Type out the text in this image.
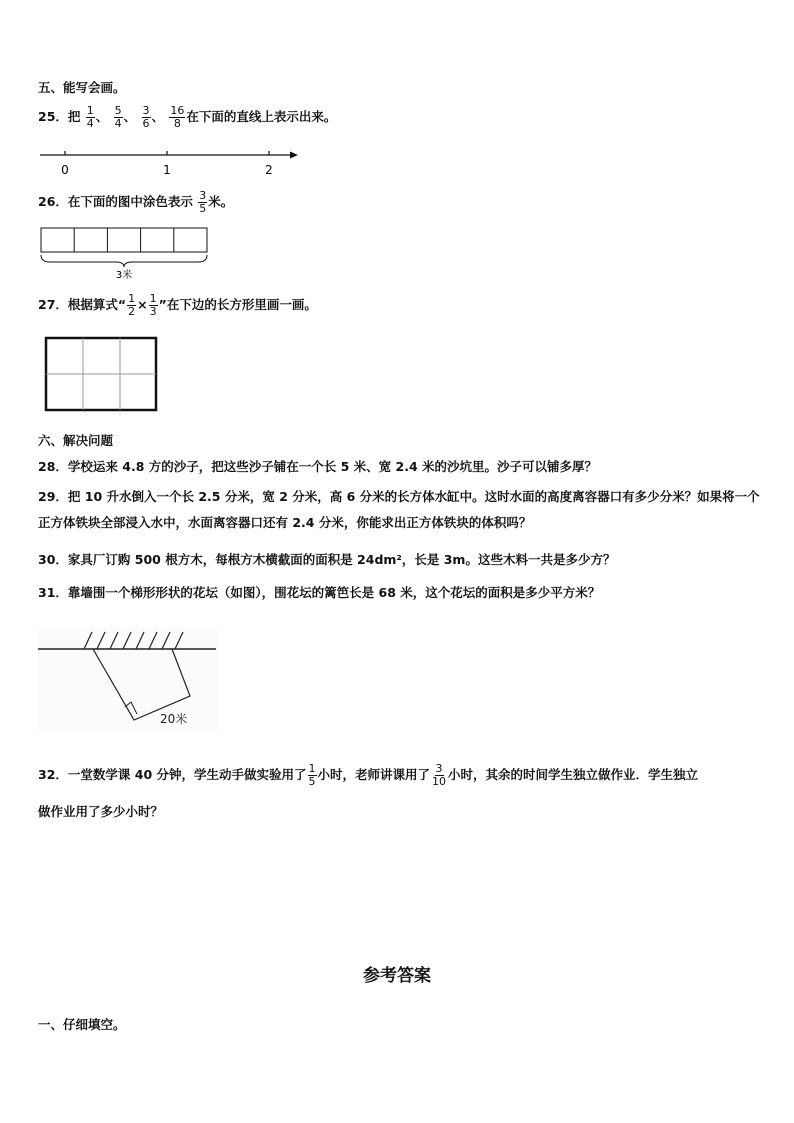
五、能写会画。
25．把 $\frac{1}{4}$ 、 $\frac{5}{4}$ 、 $\frac{3}{6}$ 、 $\frac{16}{8}$ 在下面的直线上表示出来。
0	1	2
26．在下面的图中涂色表示 $\frac{3}{5}$ 米。
3米
27．根据算式“ $\frac{1}{2} \times \frac{1}{3}$ ”在下边的长方形里画一画。
六、解决问题
28．学校运来 4.8 方的沙子，把这些沙子铺在一个长 5 米、宽 2.4 米的沙坑里。沙子可以铺多厚？
29．把 10 升水倒入一个长 2.5 分米，宽 2 分米，高 6 分米的长方体水缸中。这时水面的高度离容器口有多少分米？如果将一个正方体铁块全部浸入水中，水面离容器口还有 2.4 分米，你能求出正方体铁块的体积吗？
30．家具厂订购 500 根方木，每根方木横截面的面积是 24dm²，长是 3m。这些木料一共是多少方？
31．靠墙围一个梯形形状的花坛（如图），围花坛的篱笆长是 68 米，这个花坛的面积是多少平方米？
20米
32．一堂数学课 40 分钟，学生动手做实验用了 $\frac{1}{5}$ 小时，老师讲课用了 $\frac{3}{10}$ 小时，其余的时间学生独立做作业．学生独立
做作业用了多少小时？
参考答案
一、仔细填空。
